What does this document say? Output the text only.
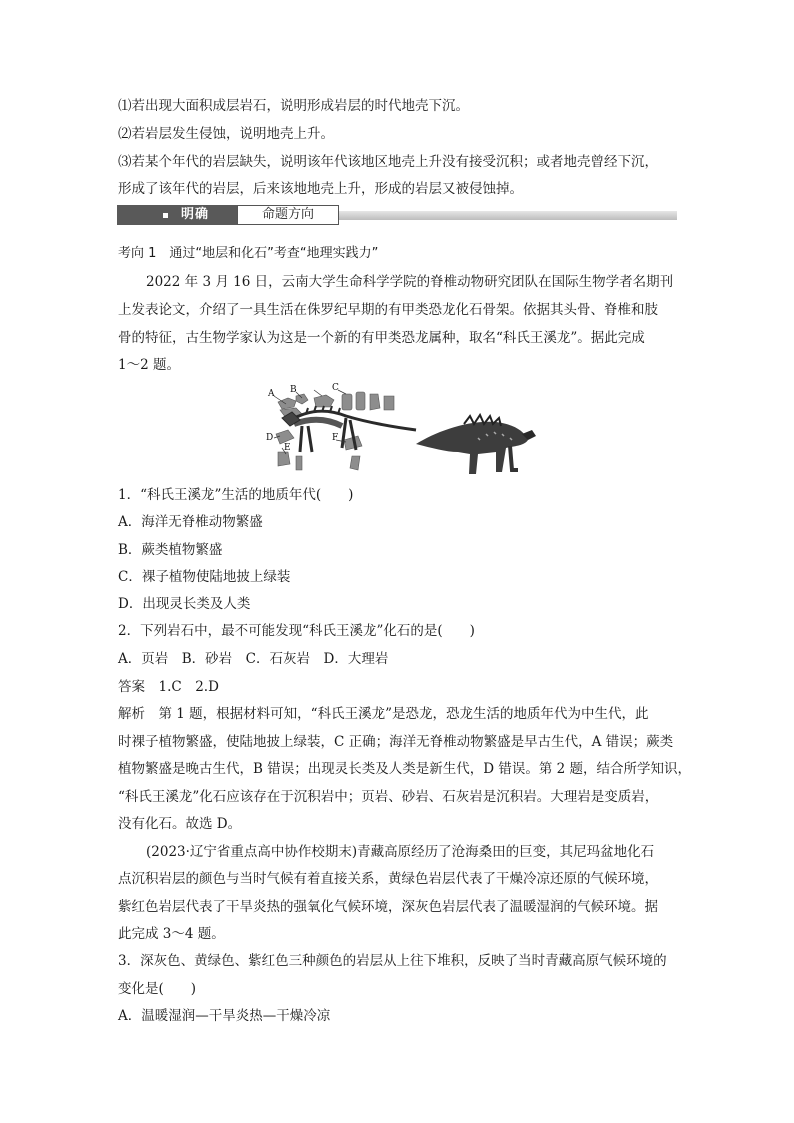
⑴若出现大面积成层岩石，说明形成岩层的时代地壳下沉。
⑵若岩层发生侵蚀，说明地壳上升。
⑶若某个年代的岩层缺失，说明该年代该地区地壳上升没有接受沉积；或者地壳曾经下沉，
形成了该年代的岩层，后来该地地壳上升，形成的岩层又被侵蚀掉。
明确	命题方向
考向 1　通过“地层和化石”考查“地理实践力”
2022 年 3 月 16 日，云南大学生命科学学院的脊椎动物研究团队在国际生物学者名期刊
上发表论文，介绍了一具生活在侏罗纪早期的有甲类恐龙化石骨架。依据其头骨、脊椎和肢
骨的特征，古生物学家认为这是一个新的有甲类恐龙属种，取名“科氏王溪龙”。据此完成
1～2 题。
A B	C
D
E
F
1．“科氏王溪龙”生活的地质年代(　　)
A．海洋无脊椎动物繁盛
B．蕨类植物繁盛
C．裸子植物使陆地披上绿装
D．出现灵长类及人类
2．下列岩石中，最不可能发现“科氏王溪龙”化石的是(　　)
A．页岩　B．砂岩　C．石灰岩　D．大理岩
答案　1.C　2.D
解析　第 1 题，根据材料可知，“科氏王溪龙”是恐龙，恐龙生活的地质年代为中生代，此
时裸子植物繁盛，使陆地披上绿装，C 正确；海洋无脊椎动物繁盛是早古生代，A 错误；蕨类
植物繁盛是晚古生代，B 错误；出现灵长类及人类是新生代，D 错误。第 2 题，结合所学知识，
“科氏王溪龙”化石应该存在于沉积岩中；页岩、砂岩、石灰岩是沉积岩。大理岩是变质岩，
没有化石。故选 D。
(2023·辽宁省重点高中协作校期末)青藏高原经历了沧海桑田的巨变，其尼玛盆地化石
点沉积岩层的颜色与当时气候有着直接关系，黄绿色岩层代表了干燥冷凉还原的气候环境，
紫红色岩层代表了干旱炎热的强氧化气候环境，深灰色岩层代表了温暖湿润的气候环境。据
此完成 3～4 题。
3．深灰色、黄绿色、紫红色三种颜色的岩层从上往下堆积，反映了当时青藏高原气候环境的
变化是(　　)
A．温暖湿润—干旱炎热—干燥冷凉
